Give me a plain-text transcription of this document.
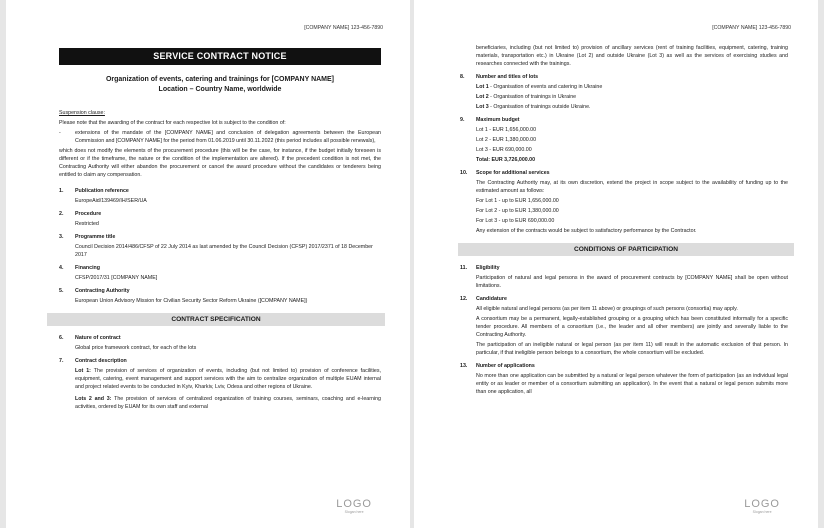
[COMPANY NAME] 123-456-7890
SERVICE CONTRACT NOTICE
Organization of events, catering and trainings for [COMPANY NAME]
Location – Country Name, worldwide
Suspension clause:
Please note that the awarding of the contract for each respective lot is subject to the condition of:
-	extensions of the mandate of the [COMPANY NAME] and conclusion of delegation agreements between the European Commission and [COMPANY NAME] for the period from 01.06.2019 until 30.11.2022 (this period includes all possible renewals),
which does not modify the elements of the procurement procedure (this will be the case, for instance, if the budget initially foreseen is different or if the timeframe, the nature or the condition of the implementation are altered). If the precedent condition is not met, the Contracting Authority will either abandon the procurement or cancel the award procedure without the candidates or tenderers being entitled to claim any compensation.
1.	Publication reference
EuropeAid/139469/IH/SER/UA
2.	Procedure
Restricted
3.	Programme title
Council Decision 2014/486/CFSP of 22 July 2014 as last amended by the Council Decision (CFSP) 2017/2371 of 18 December 2017
4.	Financing
CFSP/2017/31 [COMPANY NAME]
5.	Contracting Authority
European Union Advisory Mission for Civilian Security Sector Reform Ukraine ([COMPANY NAME])
CONTRACT SPECIFICATION
6.	Nature of contract
Global price framework contract, for each of the lots
7.	Contract description

Lot 1: The provision of services of organization of events, including (but not limited to) provision of conference facilities, equipment, catering, event management and support services with the aim to centralize organization of multiple EUAM internal and project related events to be conducted in Kyiv, Kharkiv, Lviv, Odesa and other regions of Ukraine.

Lots 2 and 3: The provision of services of centralized organization of training courses, seminars, coaching and e-learning activities, ordered by EUAM for its own staff and external

LOGO
Slogan here
[COMPANY NAME] 123-456-7890
beneficiaries, including (but not limited to) provision of ancillary services (rent of training facilities, equipment, catering, training materials, transportation etc.) in Ukraine (Lot 2) and outside Ukraine (Lot 3) as well as the services of exercising studies and researches connected with the trainings.
8.	Number and titles of lots

Lot 1 - Organisation of events and catering in Ukraine

Lot 2 - Organisation of trainings in Ukraine

Lot 3 - Organisation of trainings outside Ukraine.

9.	Maximum budget

Lot 1 - EUR 1,656,000.00

Lot 2 - EUR 1,380,000.00

Lot 3 - EUR 690,000.00

Total: EUR 3,726,000.00

10.	Scope for additional services

The Contracting Authority may, at its own discretion, extend the project in scope subject to the availability of funding up to the estimated amount as follows:

For Lot 1 - up to EUR 1,656,000.00

For Lot 2 - up to EUR 1,380,000.00

For Lot 3 - up to EUR 690,000.00

Any extension of the contracts would be subject to satisfactory performance by the Contractor.

CONDITIONS OF PARTICIPATION
11.	Eligibility

Participation of natural and legal persons in the award of procurement contracts by [COMPANY NAME] shall be open without limitations.

12.	Candidature

All eligible natural and legal persons (as per item 11 above) or groupings of such persons (consortia) may apply.

A consortium may be a permanent, legally-established grouping or a grouping which has been constituted informally for a specific tender procedure. All members of a consortium (i.e., the leader and all other members) are jointly and severally liable to the Contracting Authority.

The participation of an ineligible natural or legal person (as per item 11) will result in the automatic exclusion of that person. In particular, if that ineligible person belongs to a consortium, the whole consortium will be excluded.

13.	Number of applications

No more than one application can be submitted by a natural or legal person whatever the form of participation (as an individual legal entity or as leader or member of a consortium submitting an application). In the event that a natural or legal person submits more than one application, all

LOGO
Slogan here
